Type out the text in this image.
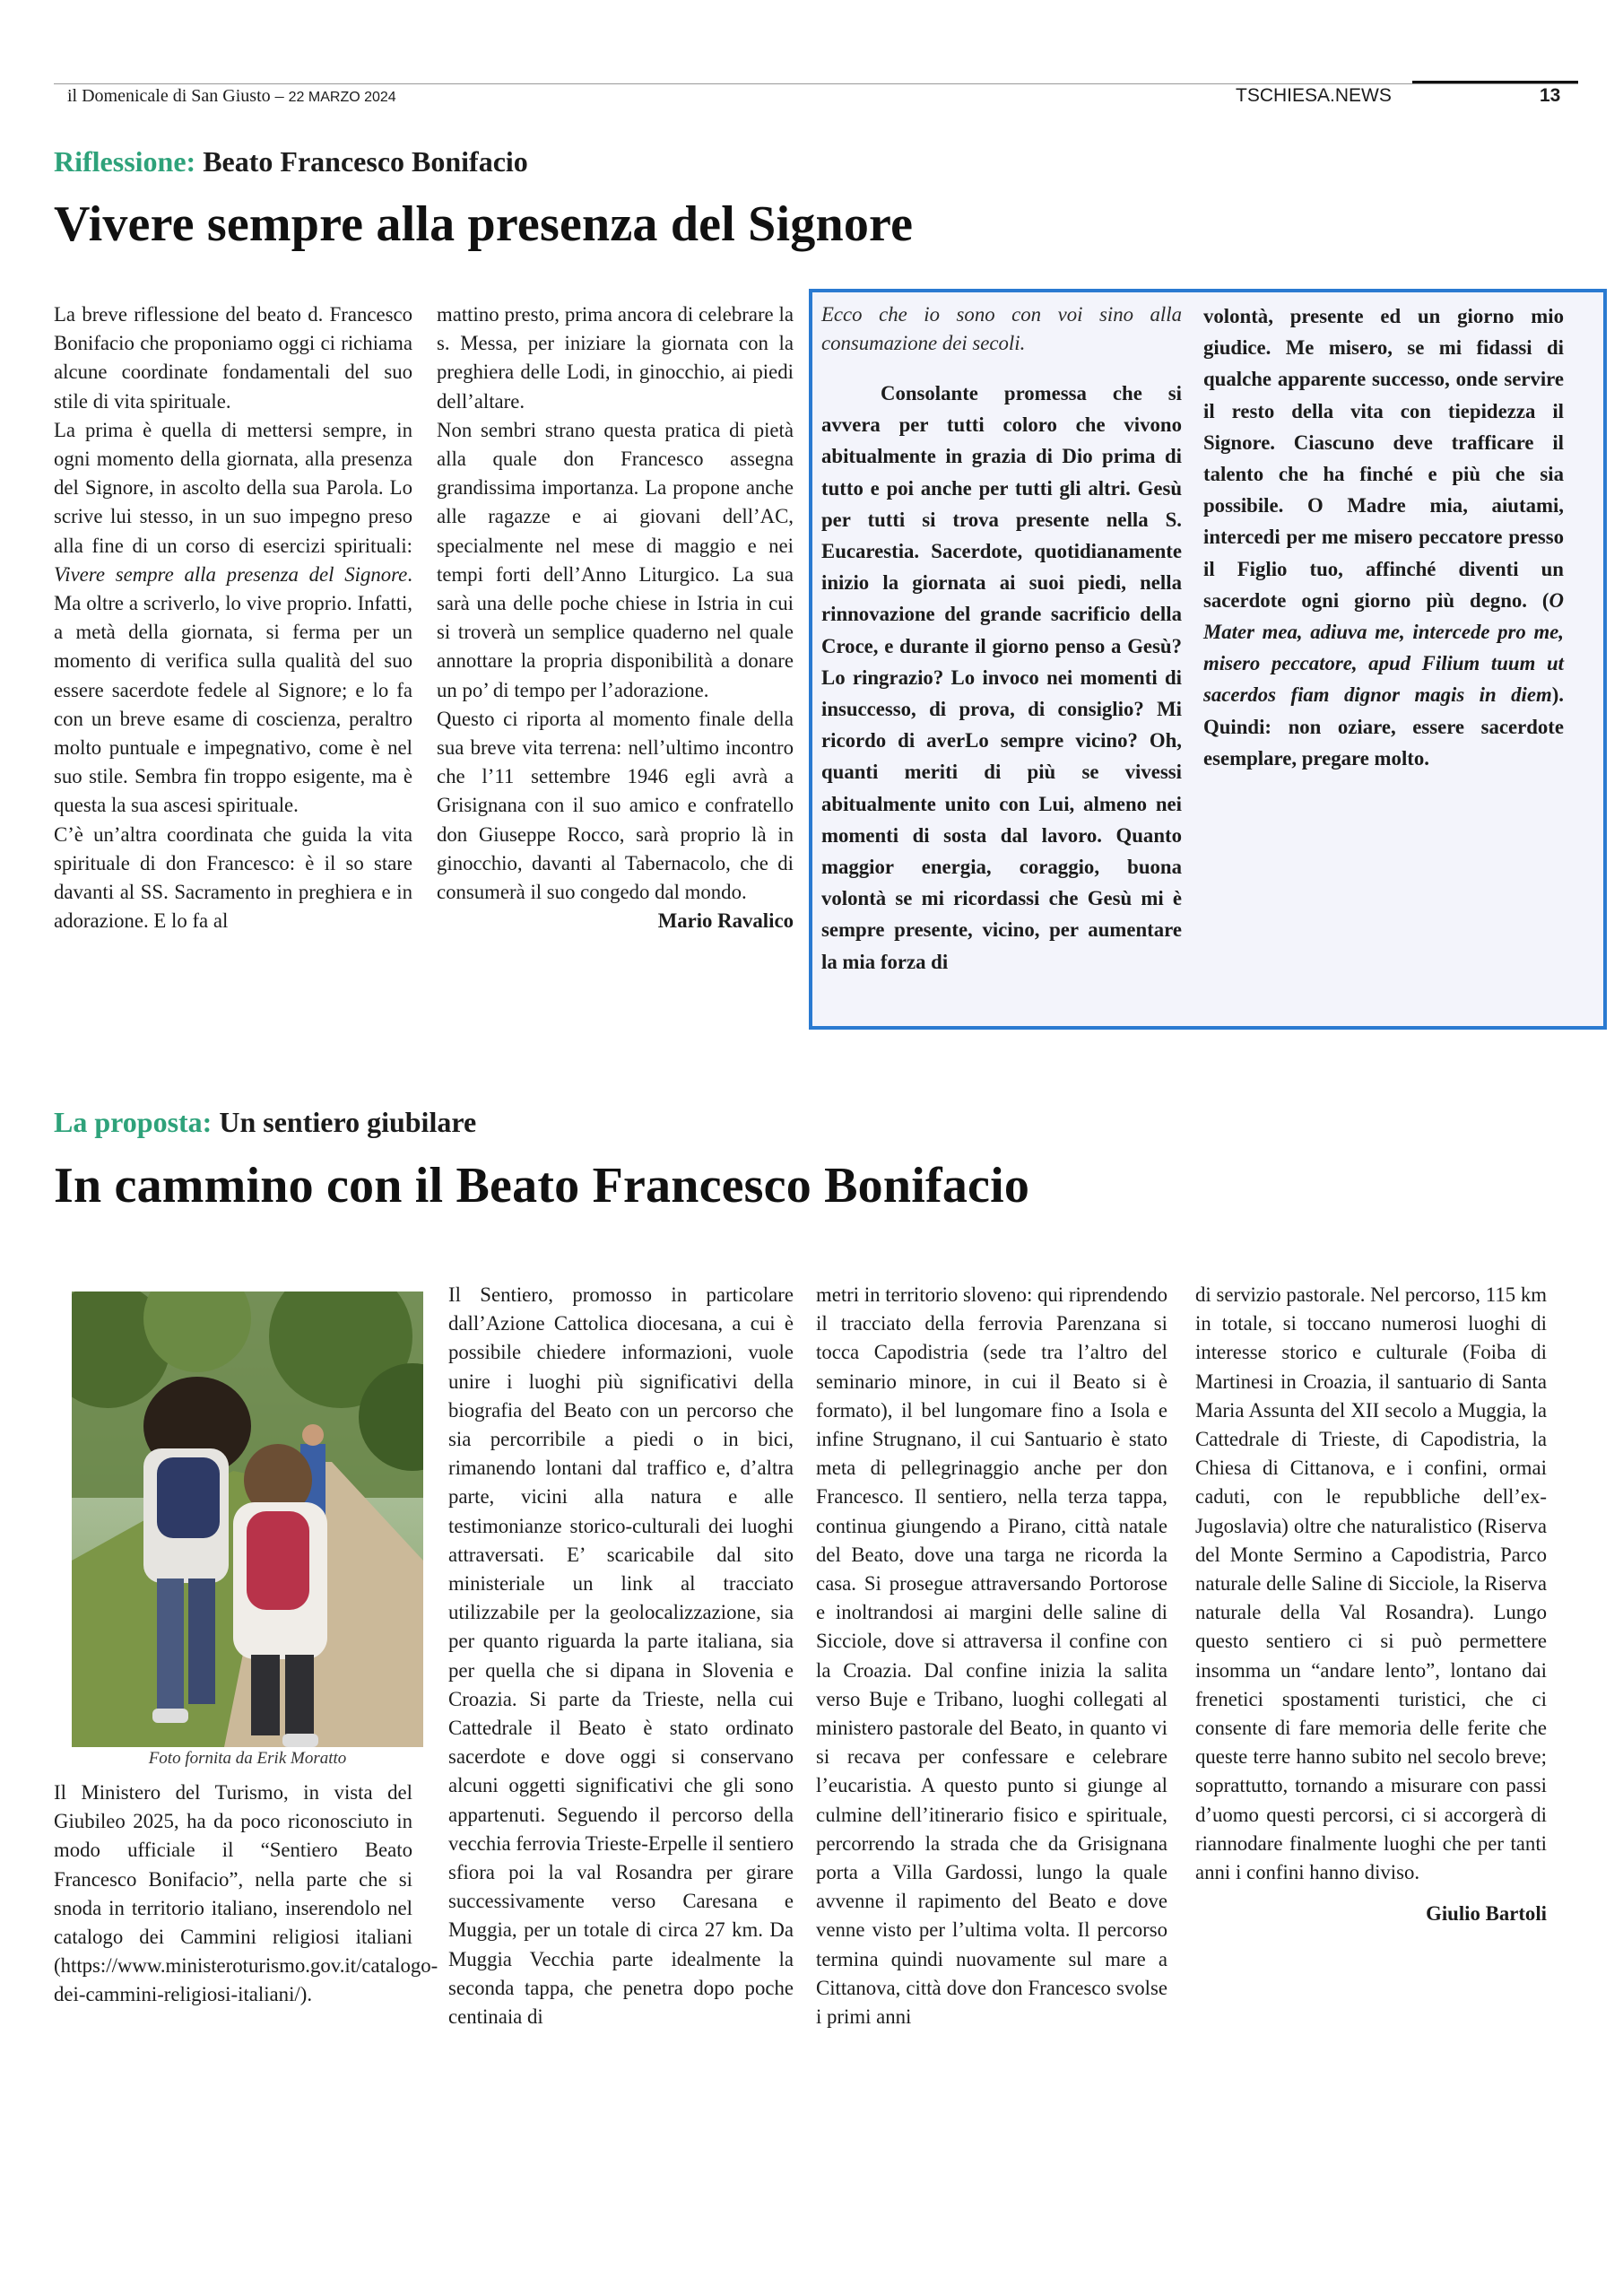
il Domenicale di San Giusto – 22 MARZO 2024	TSCHIESA.NEWS	13
Riflessione: Beato Francesco Bonifacio
Vivere sempre alla presenza del Signore

La breve riflessione del beato d. Francesco Bonifacio che proponiamo oggi ci richiama alcune coordinate fondamentali del suo stile di vita spirituale.

La prima è quella di mettersi sempre, in ogni momento della giornata, alla presenza del Signore, in ascolto della sua Parola. Lo scrive lui stesso, in un suo impegno preso alla fine di un corso di esercizi spirituali: Vivere sempre alla presenza del Signore. Ma oltre a scriverlo, lo vive proprio. Infatti, a metà della giornata, si ferma per un momento di verifica sulla qualità del suo essere sacerdote fedele al Signore; e lo fa con un breve esame di coscienza, peraltro molto puntuale e impegnativo, come è nel suo stile. Sembra fin troppo esigente, ma è questa la sua ascesi spirituale.

C’è un’altra coordinata che guida la vita spirituale di don Francesco: è il so stare davanti al SS. Sacramento in preghiera e in adorazione. E lo fa al

mattino presto, prima ancora di celebrare la s. Messa, per iniziare la giornata con la preghiera delle Lodi, in ginocchio, ai piedi dell’altare.

Non sembri strano questa pratica di pietà alla quale don Francesco assegna grandissima importanza. La propone anche alle ragazze e ai giovani dell’AC, specialmente nel mese di maggio e nei tempi forti dell’Anno Liturgico. La sua sarà una delle poche chiese in Istria in cui si troverà un semplice quaderno nel quale annottare la propria disponibilità a donare un po’ di tempo per l’adorazione.

Questo ci riporta al momento finale della sua breve vita terrena: nell’ultimo incontro che l’11 settembre 1946 egli avrà a Grisignana con il suo amico e confratello don Giuseppe Rocco, sarà proprio là in ginocchio, davanti al Tabernacolo, che di consumerà il suo congedo dal mondo.

Mario Ravalico

Ecco che io sono con voi sino alla consumazione dei secoli.

Consolante promessa che si avvera per tutti coloro che vivono abitualmente in grazia di Dio prima di tutto e poi anche per tutti gli altri. Gesù per tutti si trova presente nella S. Eucarestia. Sacerdote, quotidianamente inizio la giornata ai suoi piedi, nella rinnovazione del grande sacrificio della Croce, e durante il giorno penso a Gesù? Lo ringrazio? Lo invoco nei momenti di insuccesso, di prova, di consiglio? Mi ricordo di averLo sempre vicino? Oh, quanti meriti di più se vivessi abitualmente unito con Lui, almeno nei momenti di sosta dal lavoro. Quanto maggior energia, coraggio, buona volontà se mi ricordassi che Gesù mi è sempre presente, vicino, per aumentare la mia forza di

volontà, presente ed un giorno mio giudice. Me misero, se mi fidassi di qualche apparente successo, onde servire il resto della vita con tiepidezza il Signore. Ciascuno deve trafficare il talento che ha finché e più che sia possibile. O Madre mia, aiutami, intercedi per me misero peccatore presso il Figlio tuo, affinché diventi un sacerdote ogni giorno più degno. (O Mater mea, adiuva me, intercede pro me, misero peccatore, apud Filium tuum ut sacerdos fiam dignor magis in diem). Quindi: non oziare, essere sacerdote esemplare, pregare molto.

La proposta: Un sentiero giubilare
In cammino con il Beato Francesco Bonifacio
Foto fornita da Erik Moratto

Il Ministero del Turismo, in vista del Giubileo 2025, ha da poco riconosciuto in modo ufficiale il “Sentiero Beato Francesco Bonifacio”, nella parte che si snoda in territorio italiano, inserendolo nel catalogo dei Cammini religiosi italiani (https://www.ministeroturismo.gov.it/catalogo-dei-cammini-religiosi-italiani/).

Il Sentiero, promosso in particolare dall’Azione Cattolica diocesana, a cui è possibile chiedere informazioni, vuole unire i luoghi più significativi della biografia del Beato con un percorso che sia percorribile a piedi o in bici, rimanendo lontani dal traffico e, d’altra parte, vicini alla natura e alle testimonianze storico-culturali dei luoghi attraversati. E’ scaricabile dal sito ministeriale un link al tracciato utilizzabile per la geolocalizzazione, sia per quanto riguarda la parte italiana, sia per quella che si dipana in Slovenia e Croazia. Si parte da Trieste, nella cui Cattedrale il Beato è stato ordinato sacerdote e dove oggi si conservano alcuni oggetti significativi che gli sono appartenuti. Seguendo il percorso della vecchia ferrovia Trieste-Erpelle il sentiero sfiora poi la val Rosandra per girare successivamente verso Caresana e Muggia, per un totale di circa 27 km. Da Muggia Vecchia parte idealmente la seconda tappa, che penetra dopo poche centinaia di

metri in territorio sloveno: qui riprendendo il tracciato della ferrovia Parenzana si tocca Capodistria (sede tra l’altro del seminario minore, in cui il Beato si è formato), il bel lungomare fino a Isola e infine Strugnano, il cui Santuario è stato meta di pellegrinaggio anche per don Francesco. Il sentiero, nella terza tappa, continua giungendo a Pirano, città natale del Beato, dove una targa ne ricorda la casa. Si prosegue attraversando Portorose e inoltrandosi ai margini delle saline di Sicciole, dove si attraversa il confine con la Croazia. Dal confine inizia la salita verso Buje e Tribano, luoghi collegati al ministero pastorale del Beato, in quanto vi si recava per confessare e celebrare l’eucaristia. A questo punto si giunge al culmine dell’itinerario fisico e spirituale, percorrendo la strada che da Grisignana porta a Villa Gardossi, lungo la quale avvenne il rapimento del Beato e dove venne visto per l’ultima volta. Il percorso termina quindi nuovamente sul mare a Cittanova, città dove don Francesco svolse i primi anni

di servizio pastorale. Nel percorso, 115 km in totale, si toccano numerosi luoghi di interesse storico e culturale (Foiba di Martinesi in Croazia, il santuario di Santa Maria Assunta del XII secolo a Muggia, la Cattedrale di Trieste, di Capodistria, la Chiesa di Cittanova, e i confini, ormai caduti, con le repubbliche dell’ex-Jugoslavia) oltre che naturalistico (Riserva del Monte Sermino a Capodistria, Parco naturale delle Saline di Sicciole, la Riserva naturale della Val Rosandra). Lungo questo sentiero ci si può permettere insomma un “andare lento”, lontano dai frenetici spostamenti turistici, che ci consente di fare memoria delle ferite che queste terre hanno subito nel secolo breve; soprattutto, tornando a misurare con passi d’uomo questi percorsi, ci si accorgerà di riannodare finalmente luoghi che per tanti anni i confini hanno diviso.

Giulio Bartoli
